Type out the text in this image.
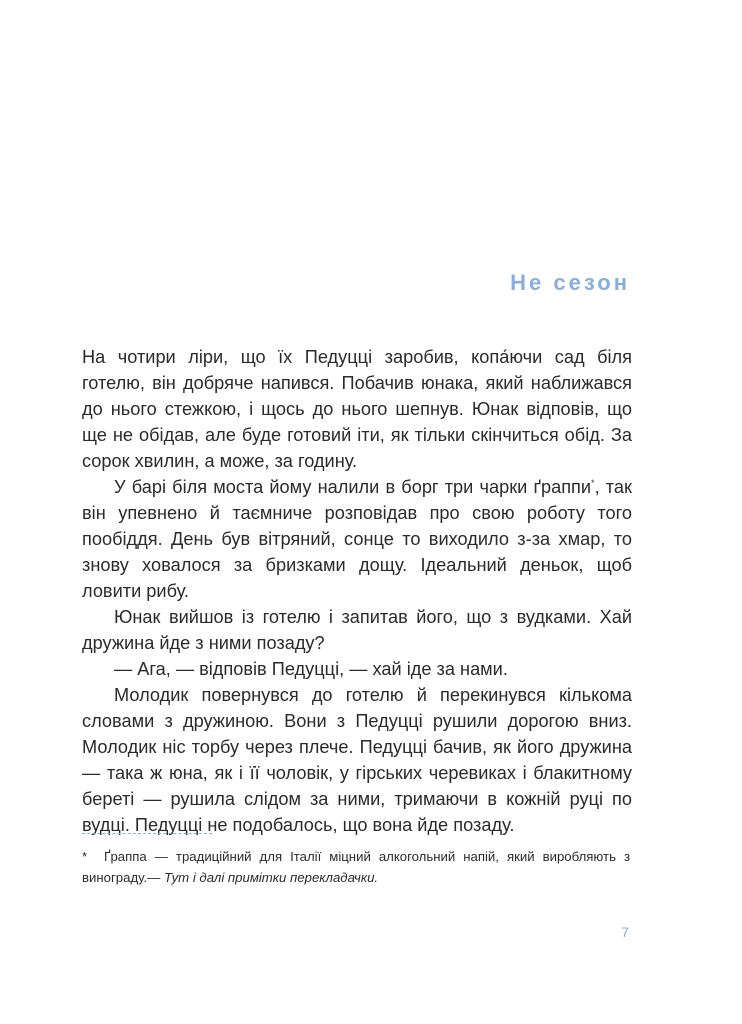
Не сезон

На чотири ліри, що їх Педуцці заробив, копа́ючи сад біля готелю, він добряче напився. Побачив юнака, який наближався до нього стежкою, і щось до нього шепнув. Юнак відповів, що ще не обідав, але буде готовий іти, як тільки скінчиться обід. За сорок хвилин, а може, за годину.

У барі біля моста йому налили в борг три чарки ґраппи*, так він упевнено й таємниче розповідав про свою роботу того пообіддя. День був вітряний, сонце то виходило з-за хмар, то знову ховалося за бризками дощу. Ідеальний деньок, щоб ловити рибу.

Юнак вийшов із готелю і запитав його, що з вудками. Хай дружина йде з ними позаду?

— Ага, — відповів Педуцці, — хай іде за нами.

Молодик повернувся до готелю й перекинувся кількома словами з дружиною. Вони з Педуцці рушили дорогою вниз. Молодик ніс торбу через плече. Педуцці бачив, як його дружина — така ж юна, як і її чоловік, у гірських черевиках і блакитному береті — рушила слідом за ними, тримаючи в кожній руці по вудці. Педуцці не подобалось, що вона йде позаду.

* Ґраппа — традиційний для Італії міцний алкогольний напій, який виробляють з винограду.— Тут і далі примітки перекладачки.
7
